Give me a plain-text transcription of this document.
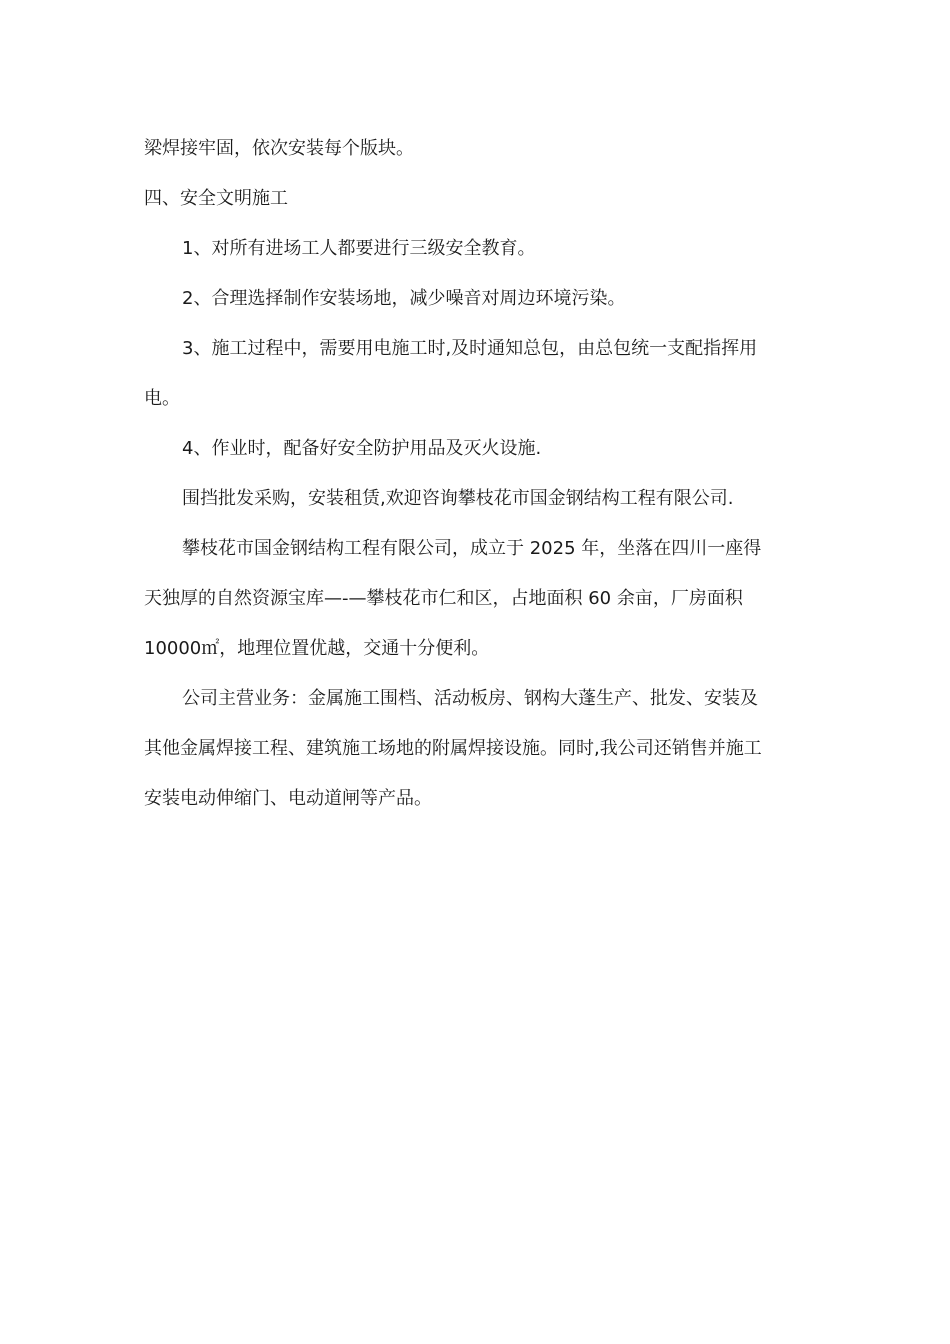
梁焊接牢固，依次安装每个版块。
四、安全文明施工
1、对所有进场工人都要进行三级安全教育。
2、合理选择制作安装场地，减少噪音对周边环境污染。
3、施工过程中，需要用电施工时,及时通知总包，由总包统一支配指挥用
电。
4、作业时，配备好安全防护用品及灭火设施.
围挡批发采购，安装租赁,欢迎咨询攀枝花市国金钢结构工程有限公司.
攀枝花市国金钢结构工程有限公司，成立于 2025 年，坐落在四川一座得
天独厚的自然资源宝库—-—攀枝花市仁和区，占地面积 60 余亩，厂房面积
10000㎡，地理位置优越，交通十分便利。
公司主营业务：金属施工围档、活动板房、钢构大蓬生产、批发、安装及
其他金属焊接工程、建筑施工场地的附属焊接设施。同时,我公司还销售并施工
安装电动伸缩门、电动道闸等产品。
